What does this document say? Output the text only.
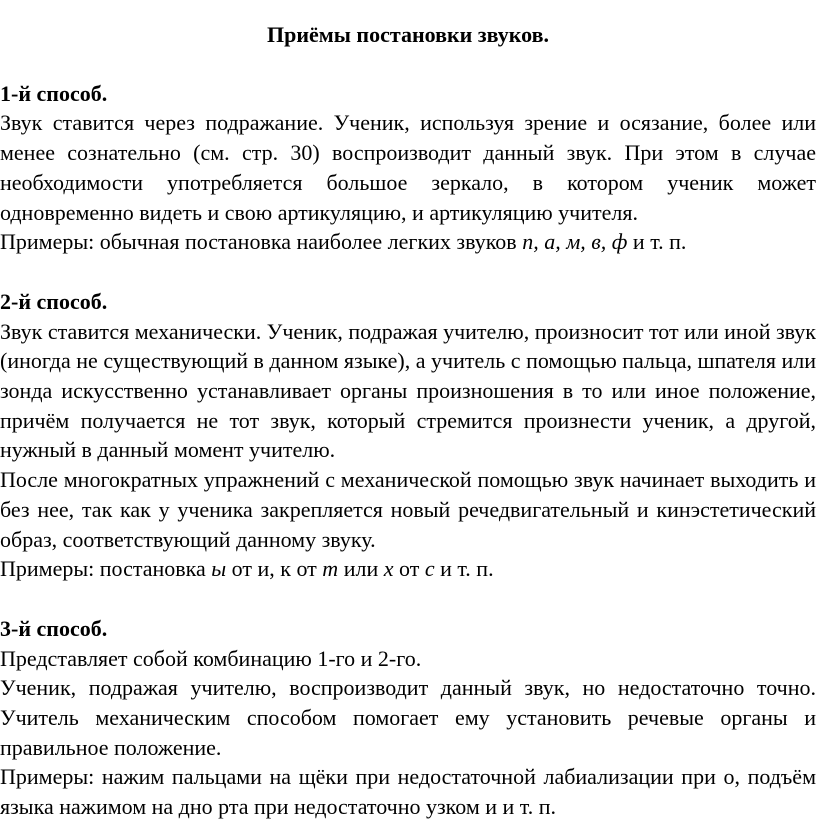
Приёмы постановки звуков.

1-й способ.

Звук ставится через подражание. Ученик, используя зрение и осязание, более или менее сознательно (см. стр. 30) воспроизводит данный звук. При этом в случае необходимости употребляется большое зеркало, в котором ученик может одновременно видеть и свою артикуляцию, и артикуляцию учителя.

Примеры: обычная постановка наиболее легких звуков п, а, м, в, ф и т. п.

2-й способ.

Звук ставится механически. Ученик, подражая учителю, произносит тот или иной звук (иногда не существующий в данном языке), а учитель с помощью пальца, шпателя или зонда искусственно устанавливает органы произношения в то или иное положение, причём получается не тот звук, который стремится произнести ученик, а другой, нужный в данный момент учителю.

После многократных упражнений с механической помощью звук начинает выходить и без нее, так как у ученика закрепляется новый речедвигательный и кинэстетический образ, соответствующий данному звуку.

Примеры: постановка ы от и, к от т или х от с и т. п.

3-й способ.

Представляет собой комбинацию 1-го и 2-го.

Ученик, подражая учителю, воспроизводит данный звук, но недостаточно точно. Учитель механическим способом помогает ему установить речевые органы и правильное положение.

Примеры: нажим пальцами на щёки при недостаточной лабиализации при о, подъём языка нажимом на дно рта при недостаточно узком и и т. п.
